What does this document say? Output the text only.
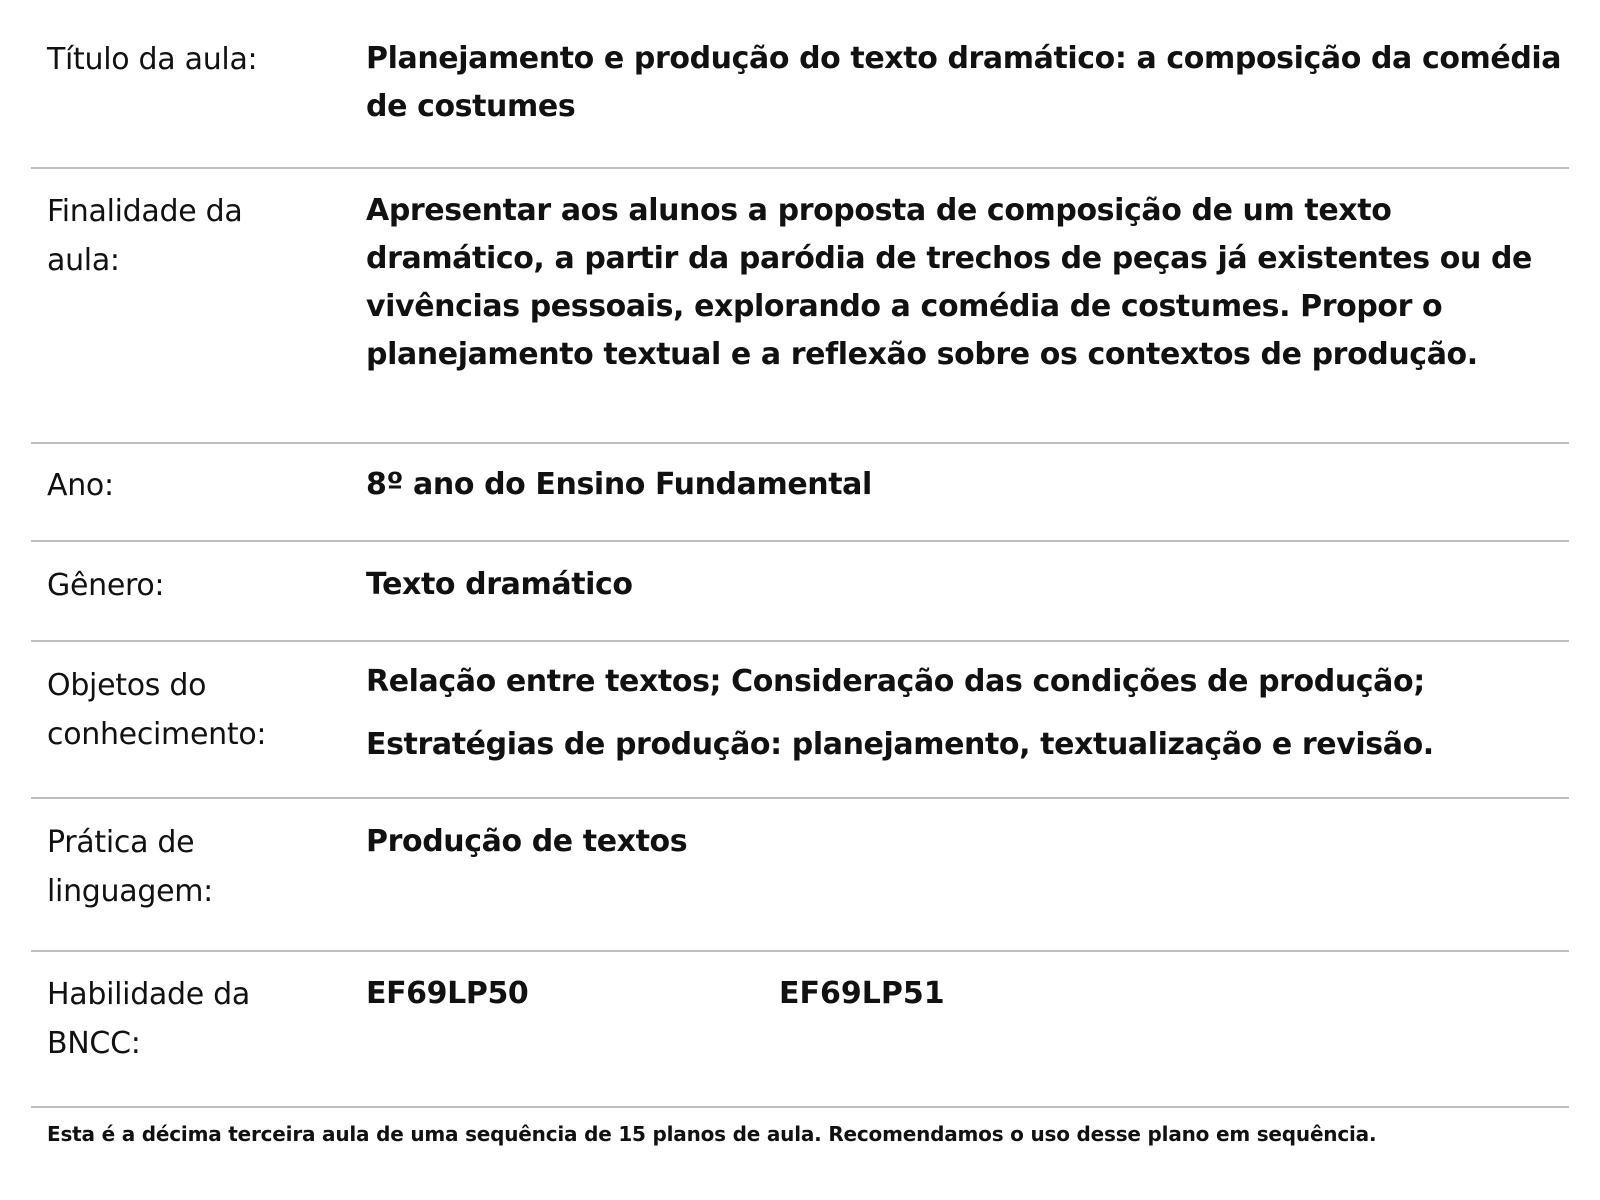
Título da aula:	Planejamento e produção do texto dramático: a composição da comédia de costumes
Finalidade da aula:
Apresentar aos alunos a proposta de composição de um texto dramático, a partir da paródia de trechos de peças já existentes ou de vivências pessoais, explorando a comédia de costumes. Propor o planejamento textual e a reflexão sobre os contextos de produção.
Ano:	8º ano do Ensino Fundamental
Gênero:	Texto dramático
Objetos do conhecimento:
Relação entre textos; Consideração das condições de produção;
Estratégias de produção: planejamento, textualização e revisão.
Prática de linguagem:
Produção de textos
Habilidade da BNCC:
EF69LP50	EF69LP51
Esta é a décima terceira aula de uma sequência de 15 planos de aula. Recomendamos o uso desse plano em sequência.
